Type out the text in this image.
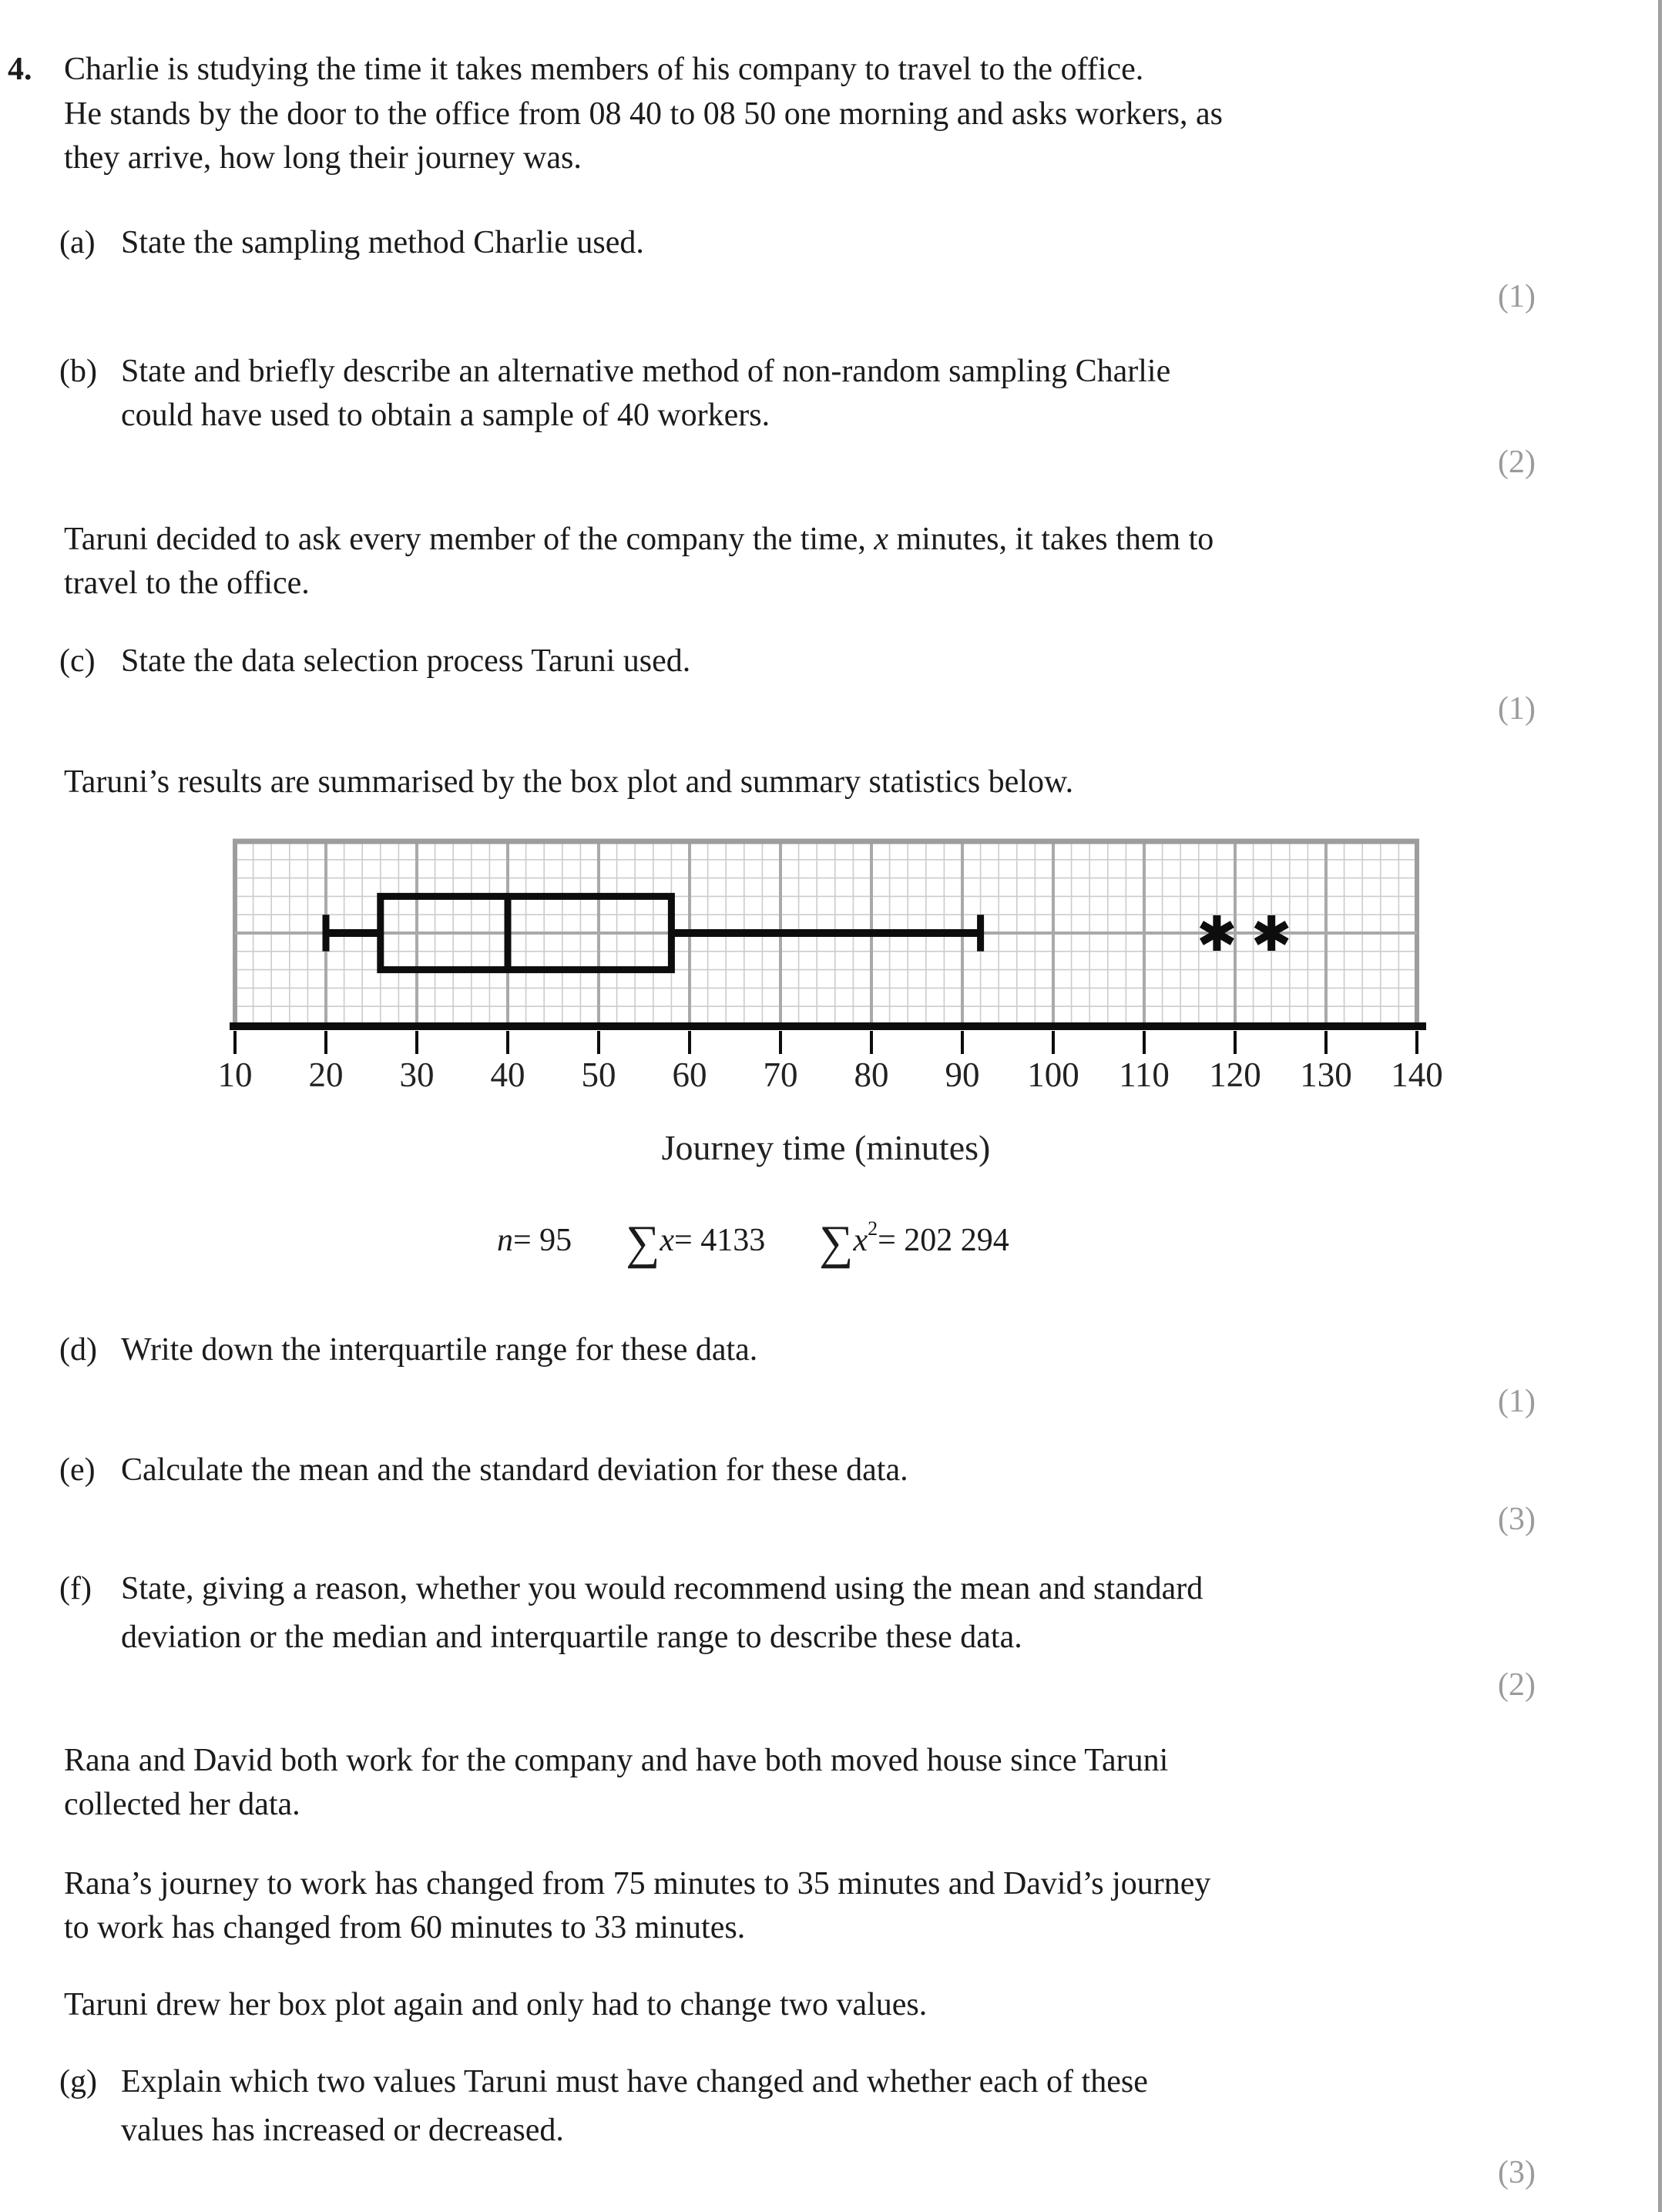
4. Charlie is studying the time it takes members of his company to travel to the office.
He stands by the door to the office from 08 40 to 08 50 one morning and asks workers, as
they arrive, how long their journey was.
(a) State the sampling method Charlie used.
(1)
(b) State and briefly describe an alternative method of non-random sampling Charlie
could have used to obtain a sample of 40 workers.
(2)
Taruni decided to ask every member of the company the time, x minutes, it takes them to
travel to the office.
(c) State the data selection process Taruni used.
(1)
Taruni’s results are summarised by the box plot and summary statistics below.
10 20 30 40 50 60 70 80 90 100 110 120 130 140
Journey time (minutes)
n = 95 ∑ x = 4133 ∑ x 2 = 202 294
(d) Write down the interquartile range for these data.
(1)
(e) Calculate the mean and the standard deviation for these data.
(3)
(f) State, giving a reason, whether you would recommend using the mean and standard
deviation or the median and interquartile range to describe these data.
(2)
Rana and David both work for the company and have both moved house since Taruni
collected her data.
Rana’s journey to work has changed from 75 minutes to 35 minutes and David’s journey
to work has changed from 60 minutes to 33 minutes.
Taruni drew her box plot again and only had to change two values.
(g) Explain which two values Taruni must have changed and whether each of these
values has increased or decreased.
(3)
